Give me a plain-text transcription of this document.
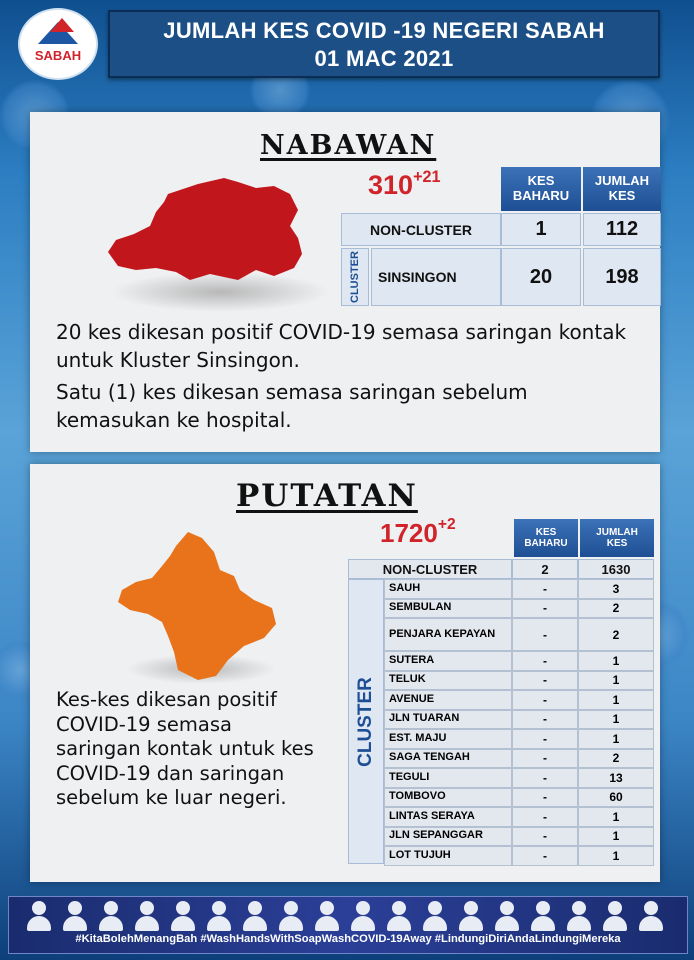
SABAH
JUMLAH KES COVID -19 NEGERI SABAH
01 MAC 2021
NABAWAN
$310^{+21}$	KES BAHARU
JUMLAH KES
NON-CLUSTER	1	112
CLUSTER	SINSINGON	20	198
20 kes dikesan positif COVID-19 semasa saringan kontak untuk Kluster Sinsingon.
Satu (1) kes dikesan semasa saringan sebelum kemasukan ke hospital.
PUTATAN
$1720^{+2}$	KES BAHARU
JUMLAH KES
Kes-kes dikesan positif COVID-19 semasa saringan kontak untuk kes COVID-19 dan saringan sebelum ke luar negeri.
NON-CLUSTER	2	1630
CLUSTER
SAUH	-	3
SEMBULAN	-	2
PENJARA KEPAYAN	-	2
SUTERA	-	1
TELUK	-	1
AVENUE	-	1
JLN TUARAN	-	1
EST. MAJU	-	1
SAGA TENGAH	-	2
TEGULI	-	13
TOMBOVO	-	60
LINTAS SERAYA	-	1
JLN SEPANGGAR	-	1
LOT TUJUH	-	1
#KitaBolehMenangBah #WashHandsWithSoapWashCOVID-19Away #LindungiDiriAndaLindungiMereka
